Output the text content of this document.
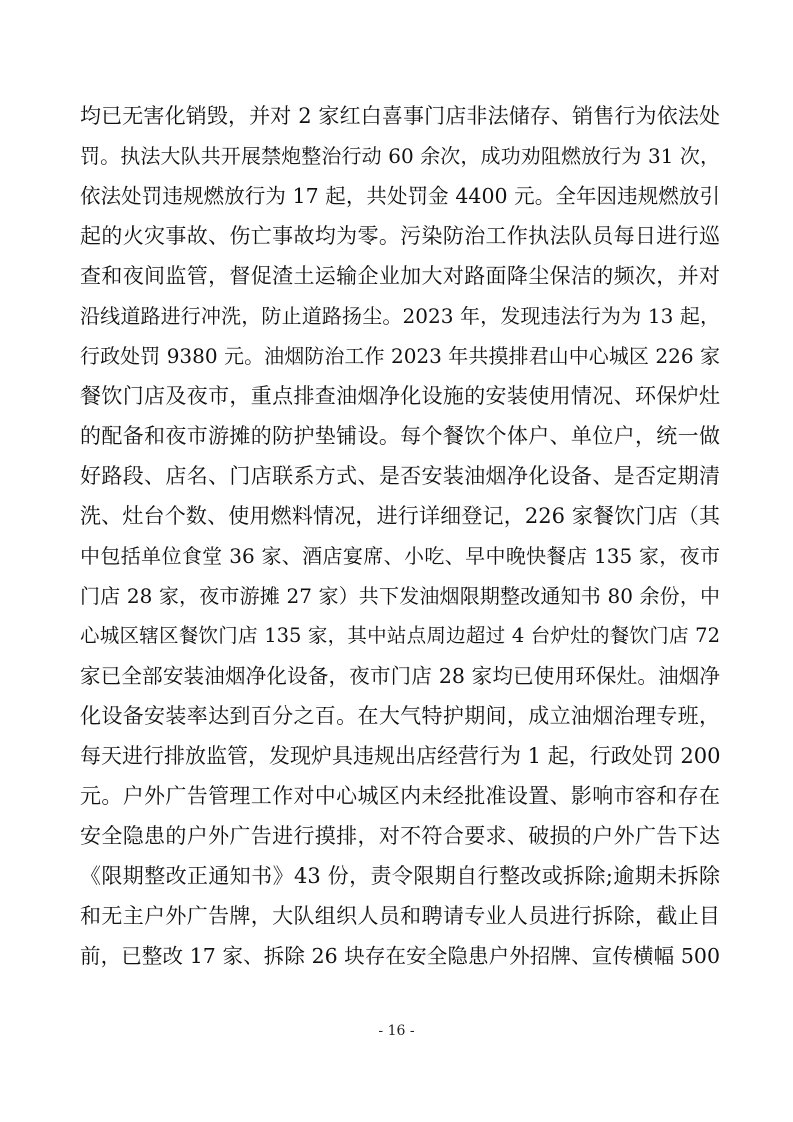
均已无害化销毁，并对 2 家红白喜事门店非法储存、销售行为依法处
罚。执法大队共开展禁炮整治行动 60 余次，成功劝阻燃放行为 31 次，
依法处罚违规燃放行为 17 起，共处罚金 4400 元。全年因违规燃放引
起的火灾事故、伤亡事故均为零。污染防治工作执法队员每日进行巡
查和夜间监管，督促渣土运输企业加大对路面降尘保洁的频次，并对
沿线道路进行冲洗，防止道路扬尘。2023 年，发现违法行为为 13 起，
行政处罚 9380 元。油烟防治工作 2023 年共摸排君山中心城区 226 家
餐饮门店及夜市，重点排查油烟净化设施的安装使用情况、环保炉灶
的配备和夜市游摊的防护垫铺设。每个餐饮个体户、单位户，统一做
好路段、店名、门店联系方式、是否安装油烟净化设备、是否定期清
洗、灶台个数、使用燃料情况，进行详细登记，226 家餐饮门店（其
中包括单位食堂 36 家、酒店宴席、小吃、早中晚快餐店 135 家，夜市
门店 28 家，夜市游摊 27 家）共下发油烟限期整改通知书 80 余份，中
心城区辖区餐饮门店 135 家，其中站点周边超过 4 台炉灶的餐饮门店 72
家已全部安装油烟净化设备，夜市门店 28 家均已使用环保灶。油烟净
化设备安装率达到百分之百。在大气特护期间，成立油烟治理专班，
每天进行排放监管，发现炉具违规出店经营行为 1 起，行政处罚 200
元。户外广告管理工作对中心城区内未经批准设置、影响市容和存在
安全隐患的户外广告进行摸排，对不符合要求、破损的户外广告下达
《限期整改正通知书》43 份，责令限期自行整改或拆除;逾期未拆除
和无主户外广告牌，大队组织人员和聘请专业人员进行拆除，截止目
前，已整改 17 家、拆除 26 块存在安全隐患户外招牌、宣传横幅 500
- 16 -
